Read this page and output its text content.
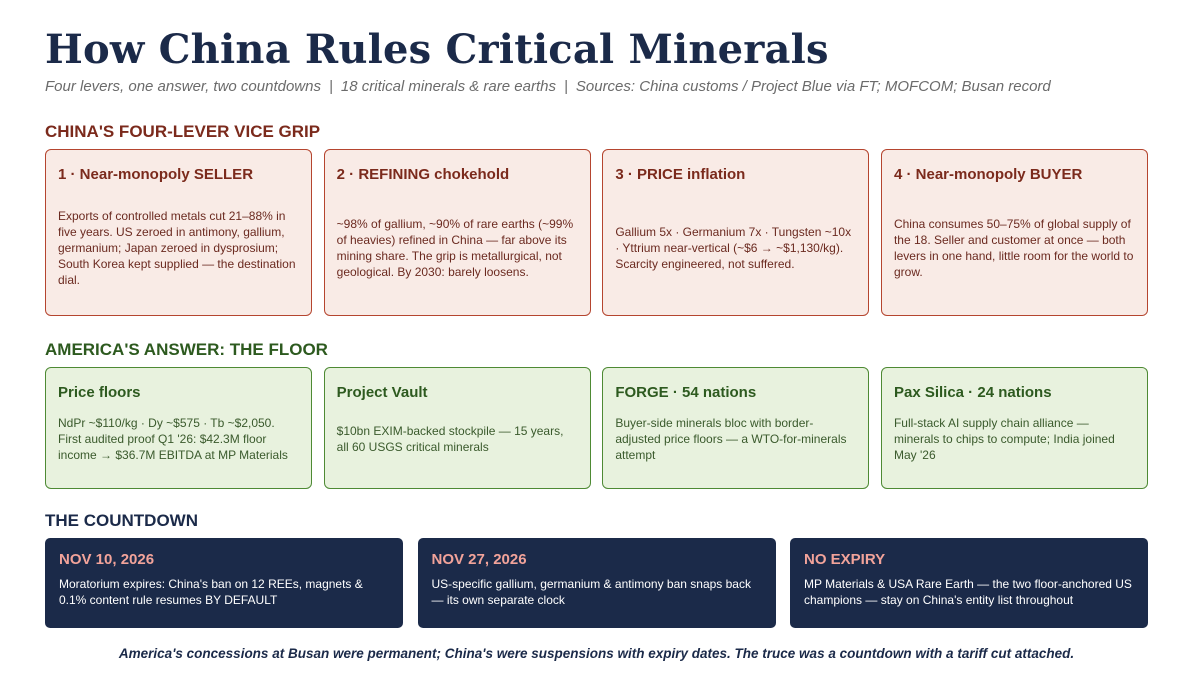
How China Rules Critical Minerals
Four levers, one answer, two countdowns | 18 critical minerals & rare earths | Sources: China customs / Project Blue via FT; MOFCOM; Busan record
CHINA'S FOUR-LEVER VICE GRIP
1 · Near-monopoly SELLER
Exports of controlled metals cut 21–88% in five years. US zeroed in antimony, gallium, germanium; Japan zeroed in dysprosium; South Korea kept supplied — the destination dial.
2 · REFINING chokehold
~98% of gallium, ~90% of rare earths (~99% of heavies) refined in China — far above its mining share. The grip is metallurgical, not geological. By 2030: barely loosens.
3 · PRICE inflation
Gallium 5x · Germanium 7x · Tungsten ~10x · Yttrium near-vertical (~$6 → ~$1,130/kg). Scarcity engineered, not suffered.
4 · Near-monopoly BUYER
China consumes 50–75% of global supply of the 18. Seller and customer at once — both levers in one hand, little room for the world to grow.
AMERICA'S ANSWER: THE FLOOR
Price floors
NdPr ~$110/kg · Dy ~$575 · Tb ~$2,050. First audited proof Q1 '26: $42.3M floor income → $36.7M EBITDA at MP Materials
Project Vault
$10bn EXIM-backed stockpile — 15 years, all 60 USGS critical minerals
FORGE · 54 nations
Buyer-side minerals bloc with border-adjusted price floors — a WTO-for-minerals attempt
Pax Silica · 24 nations
Full-stack AI supply chain alliance — minerals to chips to compute; India joined May '26
THE COUNTDOWN
NOV 10, 2026
Moratorium expires: China's ban on 12 REEs, magnets & 0.1% content rule resumes BY DEFAULT
NOV 27, 2026
US-specific gallium, germanium & antimony ban snaps back — its own separate clock
NO EXPIRY
MP Materials & USA Rare Earth — the two floor-anchored US champions — stay on China's entity list throughout
America's concessions at Busan were permanent; China's were suspensions with expiry dates. The truce was a countdown with a tariff cut attached.
